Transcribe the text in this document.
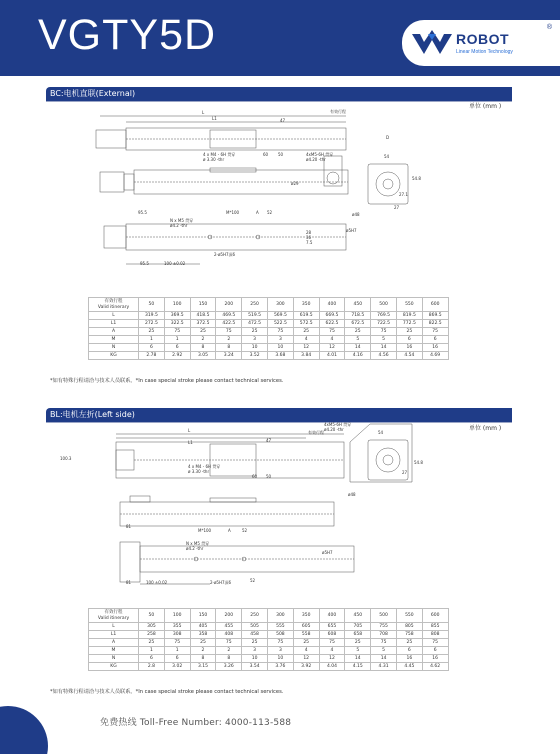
VGTY5D	ROBOT
®
Linear Motion Technology
BC:电机直联(External)
单位 (mm )
L
L1	47
有效行程
4 x M4 - 6H 贯穿
ø 3.30 -thr
60 50	4xM5-6H 贯穿
ø4.20 -thr
ø29
D
54
54.8
27.1
27
ø48
95.5	M*100	A 52
N x M5 贯穿
ø4.2 -thr
2-ø5H7深6
ø5H7
95.5	100 ±0.02
28
36
7.5
有效行程
Valid itinerary	50	100	150	200	250	300	350	400	450	500	550	600
L	319.5	369.5	418.5	469.5	519.5	569.5	619.5	669.5	718.5	769.5	819.5	869.5
L1	272.5	322.5	372.5	422.5	472.5	522.5	572.5	622.5	672.5	722.5	772.5	822.5
A	25	75	25	75	25	75	25	75	25	75	25	75
M	1	1	2	2	3	3	4	4	5	5	6	6
N	6	6	8	8	10	10	12	12	14	14	16	16
KG	2.78	2.92	3.05	3.24	3.52	3.68	3.84	4.01	4.16	4.56	4.54	4.69
*如有特殊行程请洽与技术人员联系。*In case special stroke please contact technical services.
BL:电机左折(Left side)
单位 (mm )
L
L1	47
有效行程
4 x M4 - 6H 贯穿
ø 3.30 -thr
60 50
100.3
4xM5-6H 贯穿
ø4.20 -thr
54
54.8
27
ø48
81
M*100	A	52
N x M5 贯穿
ø4.2 -thr
ø5H7
2-ø5H7深6
81	100 ±0.02	52
有效行程
Valid itinerary	50	100	150	200	250	300	350	400	450	500	550	600
L	305	355	405	455	505	555	605	655	705	755	805	855
L1	258	308	358	408	458	508	558	608	658	708	758	808
A	25	75	25	75	25	75	25	75	25	75	25	75
M	1	1	2	2	3	3	4	4	5	5	6	6
N	6	6	8	8	10	10	12	12	14	14	16	16
KG	2.8	3.02	3.15	3.26	3.54	3.76	3.92	4.04	4.15	4.31	4.45	4.62
*如有特殊行程请洽与技术人员联系。*In case special stroke please contact technical services.
免费热线 Toll-Free Number: 4000-113-588
